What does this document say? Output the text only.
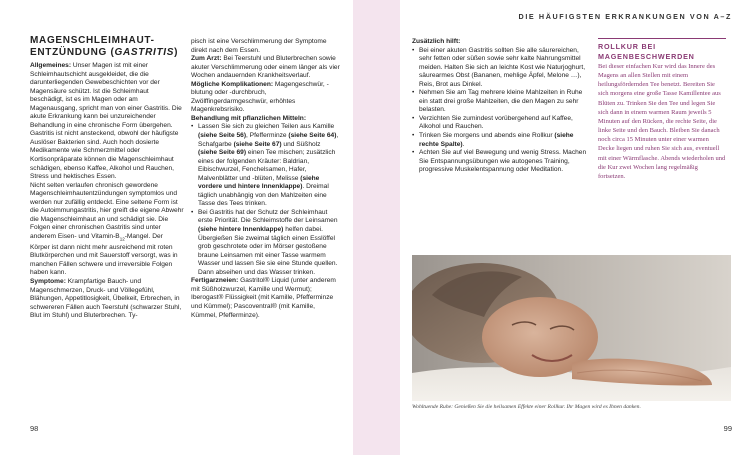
DIE HÄUFIGSTEN ERKRANKUNGEN VON A–Z
MAGENSCHLEIMHAUT-
ENTZÜNDUNG (GASTRITIS)

Allgemeines: Unser Magen ist mit einer Schleimhautschicht ausgekleidet, die die darunterliegenden Gewebeschichten vor der Magensäure schützt. Ist die Schleimhaut beschädigt, ist es im Magen oder am Magenausgang, spricht man von einer Gastritis. Die akute Erkrankung kann bei unzureichender Behandlung in eine chronische Form übergehen. Gastritis ist nicht ansteckend, obwohl der häufigste Auslöser Bakterien sind. Auch hoch dosierte Medikamente wie Schmerzmittel oder Kortisonpräparate können die Magenschleimhaut schädigen, ebenso Kaffee, Alkohol und Rauchen, Stress und hektisches Essen.

Nicht selten verlaufen chronisch gewordene Magenschleimhautentzündungen symptomlos und werden nur zufällig entdeckt. Eine seltene Form ist die Autoimmungastritis, hier greift die eigene Abwehr die Magenschleimhaut an und schädigt sie. Die Folgen einer chronischen Gastritis sind unter anderem Eisen- und Vitamin-$B_{12}$-Mangel. Der Körper ist dann nicht mehr ausreichend mit roten Blutkörperchen und mit Sauerstoff versorgt, was in manchen Fällen schwere und irreversible Folgen haben kann.

Symptome: Krampfartige Bauch- und Magenschmerzen, Druck- und Völlegefühl, Blähungen, Appetitlosigkeit, Übelkeit, Erbrechen, in schwereren Fällen auch Teerstuhl (schwarzer Stuhl, Blut im Stuhl) und Bluterbrechen. Ty-

pisch ist eine Verschlimmerung der Symptome direkt nach dem Essen.

Zum Arzt: Bei Teerstuhl und Bluterbrechen sowie akuter Verschlimmerung oder einem länger als vier Wochen andauernden Krankheitsverlauf.

Mögliche Komplikationen: Magengeschwür, -blutung oder -durchbruch, Zwölffingerdarmgeschwür, erhöhtes Magenkrebsrisiko.

Behandlung mit pflanzlichen Mitteln:

• Lassen Sie sich zu gleichen Teilen aus Kamille (siehe Seite 56), Pfefferminze (siehe Seite 64), Schafgarbe (siehe Seite 67) und Süßholz (siehe Seite 69) einen Tee mischen; zusätzlich eines der folgenden Kräuter: Baldrian, Eibischwurzel, Fenchelsamen, Hafer, Malvenblätter und -blüten, Melisse (siehe vordere und hintere Innenklappe). Dreimal täglich unabhängig von den Mahlzeiten eine Tasse des Tees trinken.
• Bei Gastritis hat der Schutz der Schleimhaut erste Priorität. Die Schleimstoffe der Leinsamen (siehe hintere Innenklappe) helfen dabei. Übergießen Sie zweimal täglich einen Esslöffel grob geschrotete oder im Mörser gestoßene braune Leinsamen mit einer Tasse warmem Wasser und lassen Sie sie eine Stunde quellen. Dann abseihen und das Wasser trinken.

Fertigarzneien: Gastritol® Liquid (unter anderem mit Süßholzwurzel, Kamille und Wermut); Iberogast® Flüssigkeit (mit Kamille, Pfefferminze und Kümmel); Pascoventral® (mit Kamille, Kümmel, Pfefferminze).

Zusätzlich hilft:

• Bei einer akuten Gastritis sollten Sie alle säurereichen, sehr fetten oder süßen sowie sehr kalte Nahrungsmittel meiden. Halten Sie sich an leichte Kost wie Naturjoghurt, säurearmes Obst (Bananen, mehlige Äpfel, Melone …), Reis, Brot aus Dinkel.
• Nehmen Sie am Tag mehrere kleine Mahlzeiten in Ruhe ein statt drei große Mahlzeiten, die den Magen zu sehr belasten.
• Verzichten Sie zumindest vorübergehend auf Kaffee, Alkohol und Rauchen.
• Trinken Sie morgens und abends eine Rollkur (siehe rechte Spalte).
• Achten Sie auf viel Bewegung und wenig Stress. Machen Sie Entspannungsübungen wie autogenes Training, progressive Muskelentspannung oder Meditation.
ROLLKUR BEI
MAGENBESCHWERDEN

Bei dieser einfachen Kur wird das Innere des Magens an allen Stellen mit einem heilungsfördernden Tee benetzt. Bereiten Sie sich morgens eine große Tasse Kamillentee aus Blüten zu. Trinken Sie den Tee und legen Sie sich dann in einem warmen Raum jeweils 5 Minuten auf den Rücken, die rechte Seite, die linke Seite und den Bauch. Bleiben Sie danach noch circa 15 Minuten unter einer warmen Decke liegen und ruhen Sie sich aus, eventuell mit einer Wärmflasche. Abends wiederholen und die Kur zwei Wochen lang regelmäßig fortsetzen.

Wohltuende Ruhe: Genießen Sie die heilsamen Effekte einer Rollkur. Ihr Magen wird es Ihnen danken.
98	99
